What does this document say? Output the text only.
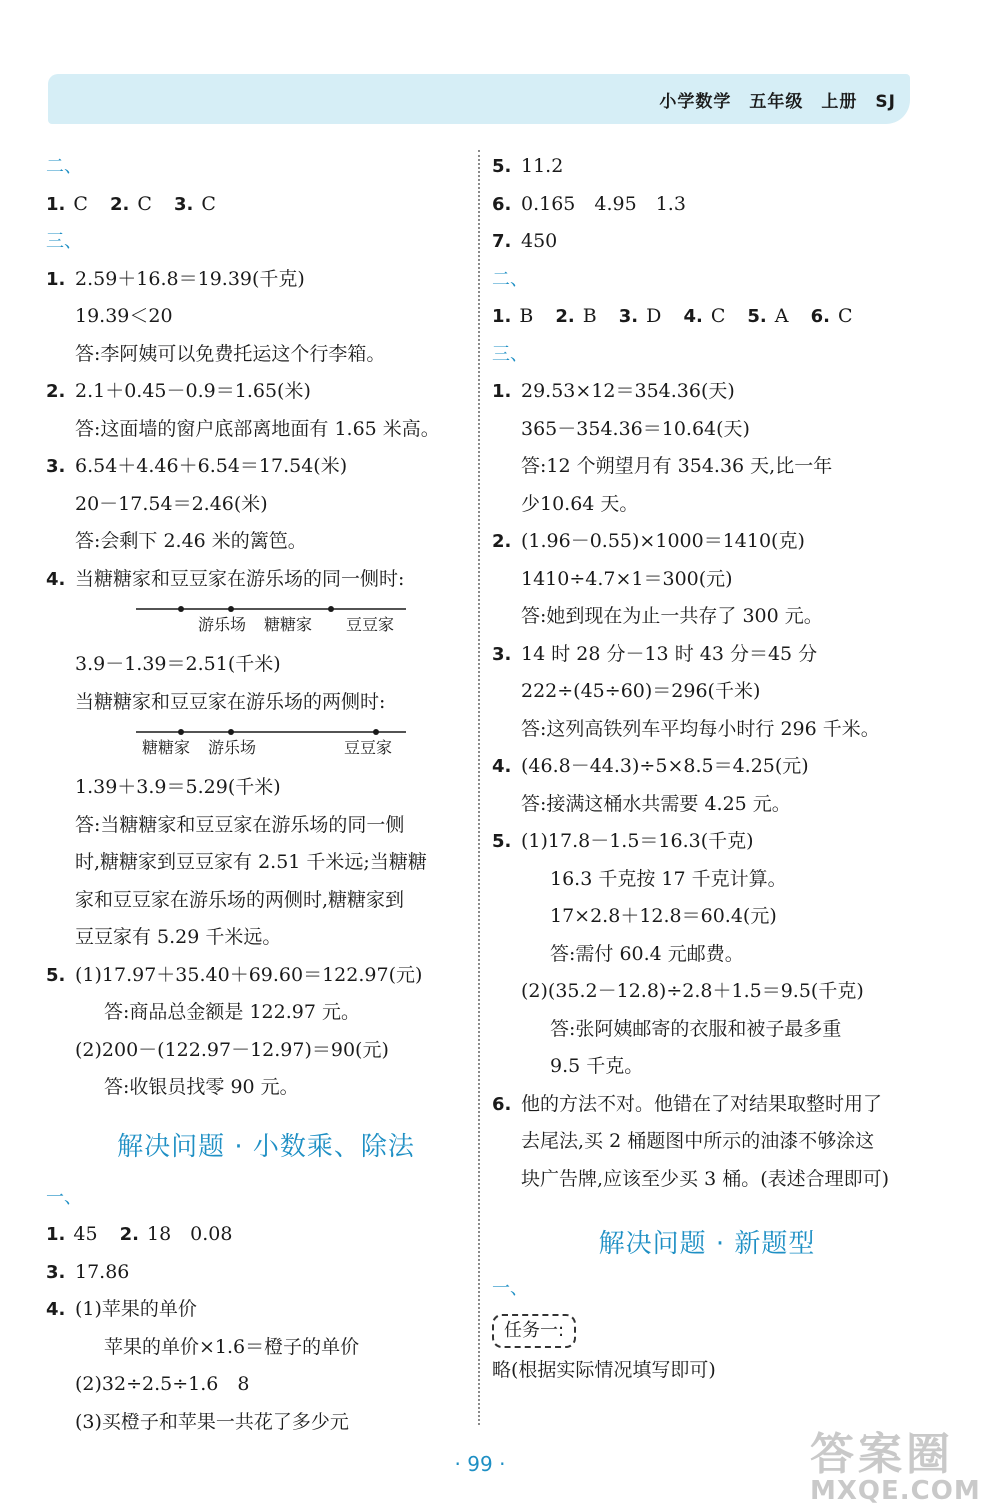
小学数学　五年级　上册　SJ
二、
1. C 2. C 3. C
三、
1. 2.59＋16.8＝19.39(千克)
19.39＜20
答:李阿姨可以免费托运这个行李箱。
2. 2.1＋0.45－0.9＝1.65(米)
答:这面墙的窗户底部离地面有 1.65 米高。
3. 6.54＋4.46＋6.54＝17.54(米)
20－17.54＝2.46(米)
答:会剩下 2.46 米的篱笆。
4. 当糖糖家和豆豆家在游乐场的同一侧时:
游乐场 糖糖家 豆豆家
3.9－1.39＝2.51(千米)
当糖糖家和豆豆家在游乐场的两侧时:
糖糖家 游乐场	豆豆家
1.39＋3.9＝5.29(千米)
答:当糖糖家和豆豆家在游乐场的同一侧
时,糖糖家到豆豆家有 2.51 千米远;当糖糖
家和豆豆家在游乐场的两侧时,糖糖家到
豆豆家有 5.29 千米远。
5. (1)17.97＋35.40＋69.60＝122.97(元)
答:商品总金额是 122.97 元。
(2)200－(122.97－12.97)＝90(元)
答:收银员找零 90 元。
解决问题 · 小数乘、除法
一、
1. 45 2. 18　0.08
3. 17.86
4. (1)苹果的单价
苹果的单价×1.6＝橙子的单价
(2)32÷2.5÷1.6　8
(3)买橙子和苹果一共花了多少元
5. 11.2
6. 0.165　4.95　1.3
7. 450
二、
1. B 2. B 3. D 4. C 5. A 6. C
三、
1. 29.53×12＝354.36(天)
365－354.36＝10.64(天)
答:12 个朔望月有 354.36 天,比一年
少10.64 天。
2. (1.96－0.55)×1000＝1410(克)
1410÷4.7×1＝300(元)
答:她到现在为止一共存了 300 元。
3. 14 时 28 分－13 时 43 分＝45 分
222÷(45÷60)＝296(千米)
答:这列高铁列车平均每小时行 296 千米。
4. (46.8－44.3)÷5×8.5＝4.25(元)
答:接满这桶水共需要 4.25 元。
5. (1)17.8－1.5＝16.3(千克)
16.3 千克按 17 千克计算。
17×2.8＋12.8＝60.4(元)
答:需付 60.4 元邮费。
(2)(35.2－12.8)÷2.8＋1.5＝9.5(千克)
答:张阿姨邮寄的衣服和被子最多重
9.5 千克。
6. 他的方法不对。他错在了对结果取整时用了
去尾法,买 2 桶题图中所示的油漆不够涂这
块广告牌,应该至少买 3 桶。(表述合理即可)
解决问题 · 新题型
一、
任务一:
略(根据实际情况填写即可)
· 99 ·	答案圈
MXQE.COM
